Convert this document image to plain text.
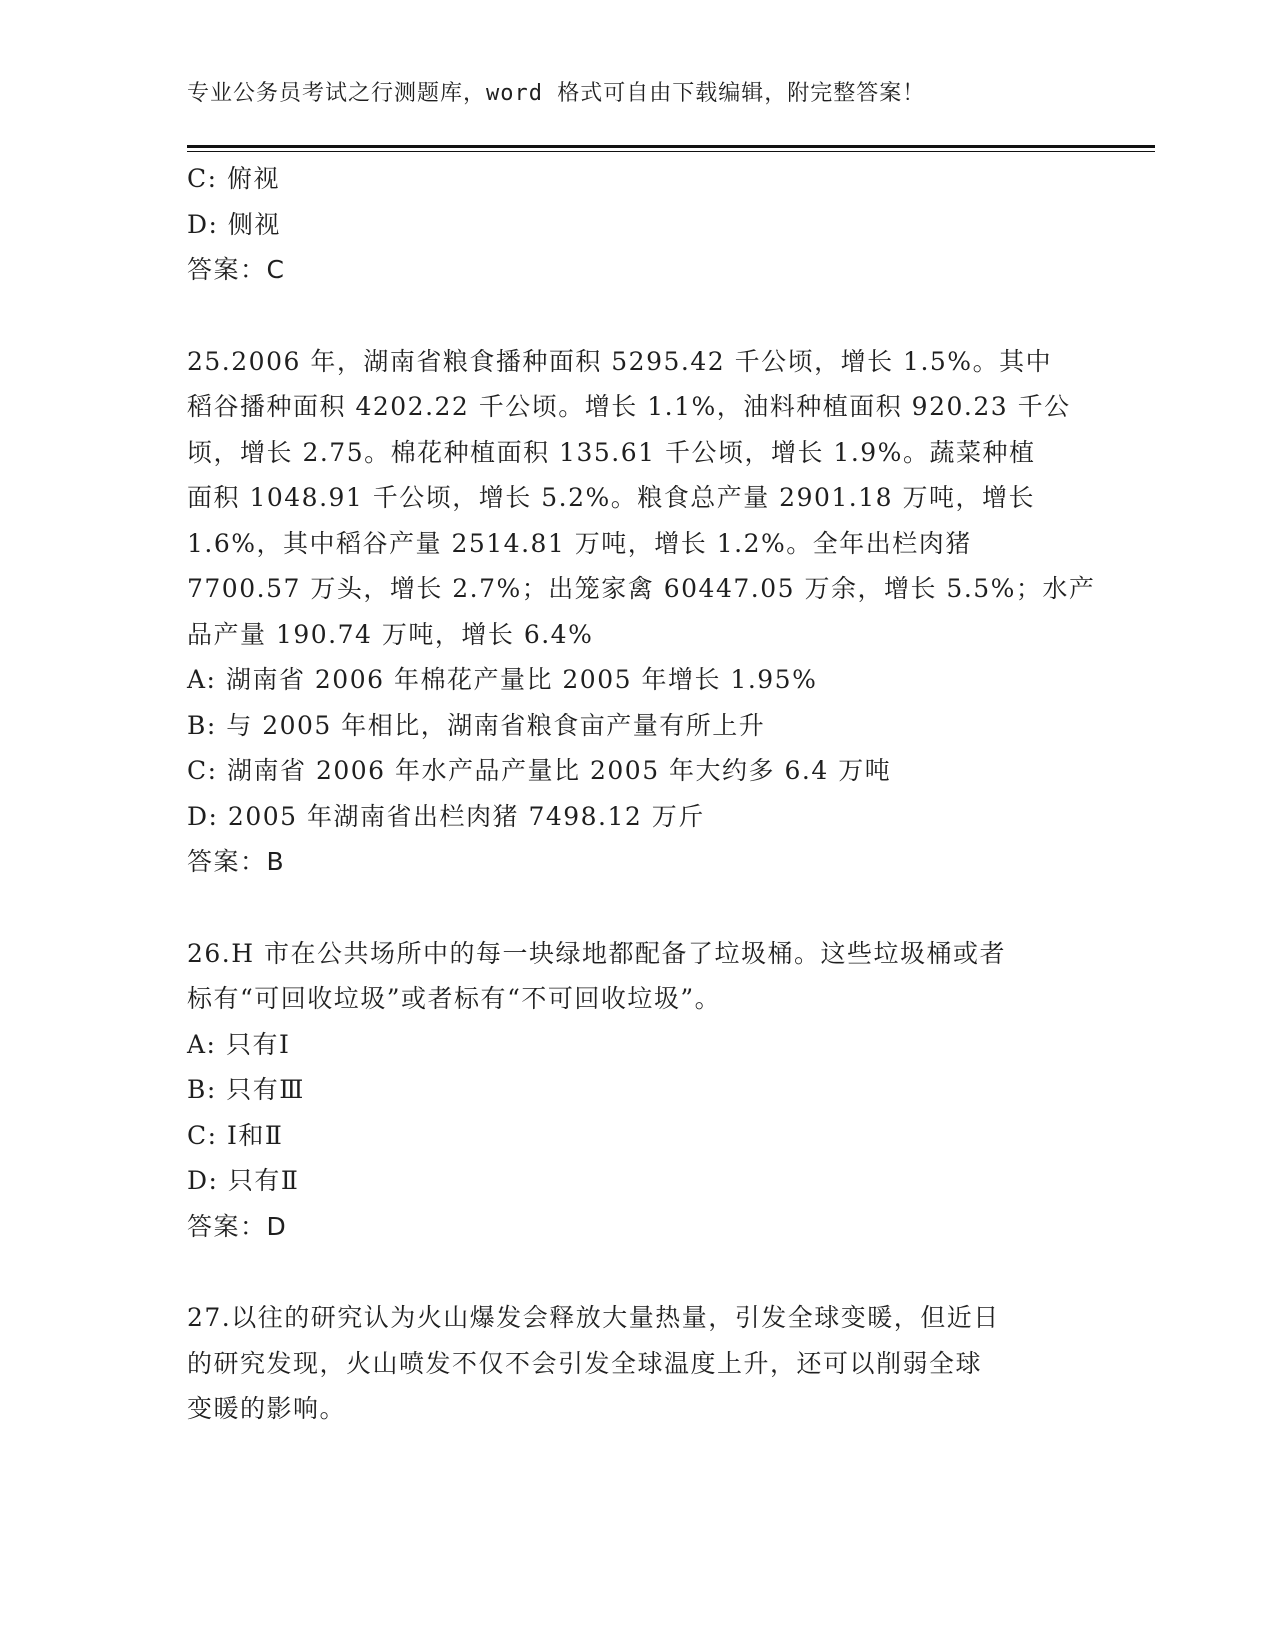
专业公务员考试之行测题库，word 格式可自由下载编辑，附完整答案！
C: 俯视
D: 侧视
答案：C
25.2006 年，湖南省粮食播种面积 5295.42 千公顷，增长 1.5%。其中
稻谷播种面积 4202.22 千公顷。增长 1.1%，油料种植面积 920.23 千公
顷，增长 2.75。棉花种植面积 135.61 千公顷，增长 1.9%。蔬菜种植
面积 1048.91 千公顷，增长 5.2%。粮食总产量 2901.18 万吨，增长
1.6%，其中稻谷产量 2514.81 万吨，增长 1.2%。全年出栏肉猪
7700.57 万头，增长 2.7%；出笼家禽 60447.05 万余，增长 5.5%；水产
品产量 190.74 万吨，增长 6.4%
A: 湖南省 2006 年棉花产量比 2005 年增长 1.95%
B: 与 2005 年相比，湖南省粮食亩产量有所上升
C: 湖南省 2006 年水产品产量比 2005 年大约多 6.4 万吨
D: 2005 年湖南省出栏肉猪 7498.12 万斤
答案：B
26.H 市在公共场所中的每一块绿地都配备了垃圾桶。这些垃圾桶或者
标有“可回收垃圾”或者标有“不可回收垃圾”。
A: 只有Ⅰ
B: 只有Ⅲ
C: Ⅰ和Ⅱ
D: 只有Ⅱ
答案：D
27.以往的研究认为火山爆发会释放大量热量，引发全球变暖，但近日
的研究发现，火山喷发不仅不会引发全球温度上升，还可以削弱全球
变暖的影响。
